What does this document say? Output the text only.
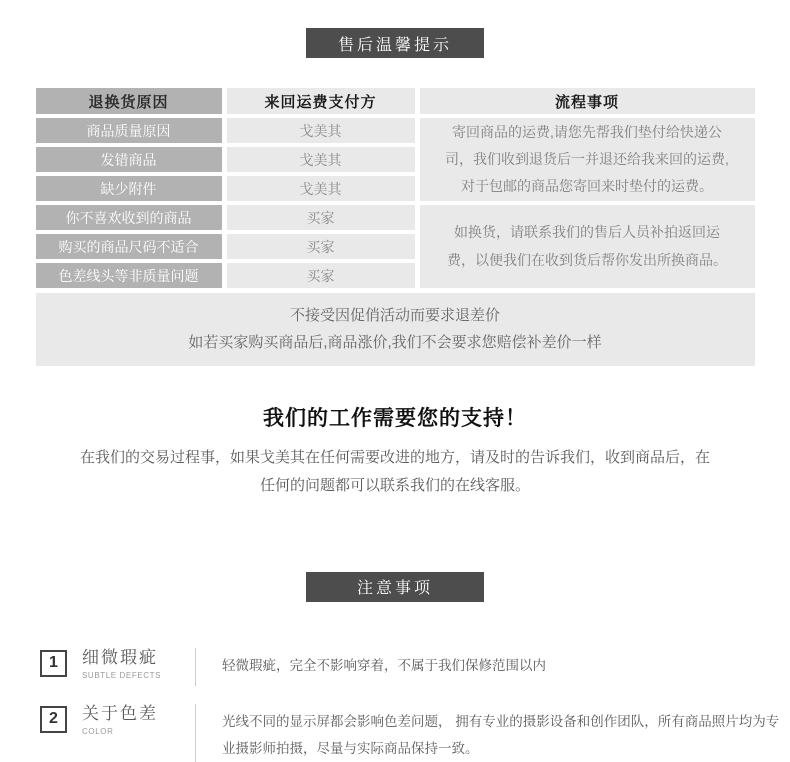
售后温馨提示
退换货原因	来回运费支付方	流程事项
商品质量原因	戈美其	寄回商品的运费,请您先帮我们垫付给快递公司，我们收到退货后一并退还给我来回的运费,对于包邮的商品您寄回来时垫付的运费。
发错商品	戈美其
缺少附件	戈美其
你不喜欢收到的商品	买家
如换货，请联系我们的售后人员补拍返回运费，以便我们在收到货后帮你发出所换商品。
购买的商品尺码不适合	买家
色差线头等非质量问题	买家
不接受因促俏活动而要求退差价
如若买家购买商品后,商品涨价,我们不会要求您赔偿补差价一样
我们的工作需要您的支持！
在我们的交易过程事，如果戈美其在任何需要改进的地方，请及时的告诉我们，收到商品后，在任何的问题都可以联系我们的在线客服。
注意事项
1	细微瑕疵
SUBTLE DEFECTS
轻微瑕疵，完全不影响穿着，不属于我们保修范围以内
2	关于色差
COLOR
光线不同的显示屏都会影响色差问题， 拥有专业的摄影设备和创作团队，所有商品照片均为专业摄影师拍摄，尽量与实际商品保持一致。
